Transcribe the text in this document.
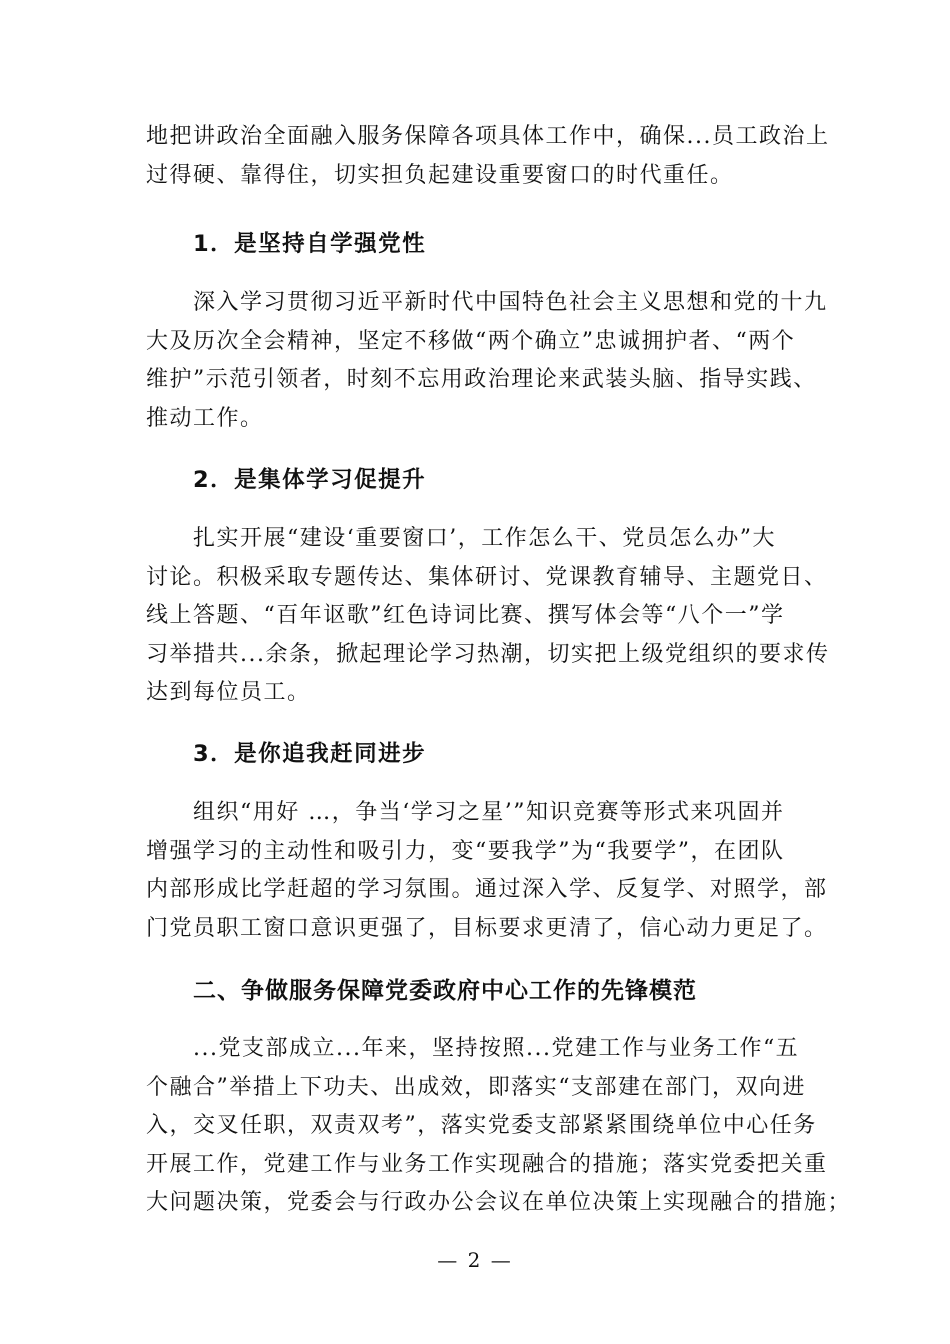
地把讲政治全面融入服务保障各项具体工作中，确保...员工政治上
过得硬、靠得住，切实担负起建设重要窗口的时代重任。
1．是坚持自学强党性
　　深入学习贯彻习近平新时代中国特色社会主义思想和党的十九
大及历次全会精神，坚定不移做“两个确立”忠诚拥护者、“两个
维护”示范引领者，时刻不忘用政治理论来武装头脑、指导实践、
推动工作。
2．是集体学习促提升
　　扎实开展“建设‘重要窗口’，工作怎么干、党员怎么办”大
讨论。积极采取专题传达、集体研讨、党课教育辅导、主题党日、
线上答题、“百年讴歌”红色诗词比赛、撰写体会等“八个一”学
习举措共...余条，掀起理论学习热潮，切实把上级党组织的要求传
达到每位员工。
3．是你追我赶同进步
　　组织“用好 …，争当‘学习之星’”知识竞赛等形式来巩固并
增强学习的主动性和吸引力，变“要我学”为“我要学”，在团队
内部形成比学赶超的学习氛围。通过深入学、反复学、对照学，部
门党员职工窗口意识更强了，目标要求更清了，信心动力更足了。
二、争做服务保障党委政府中心工作的先锋模范
　　...党支部成立...年来，坚持按照...党建工作与业务工作“五
个融合”举措上下功夫、出成效，即落实“支部建在部门，双向进
入，交叉任职，双责双考”，落实党委支部紧紧围绕单位中心任务
开展工作，党建工作与业务工作实现融合的措施；落实党委把关重
大问题决策，党委会与行政办公会议在单位决策上实现融合的措施；
— 2 —
